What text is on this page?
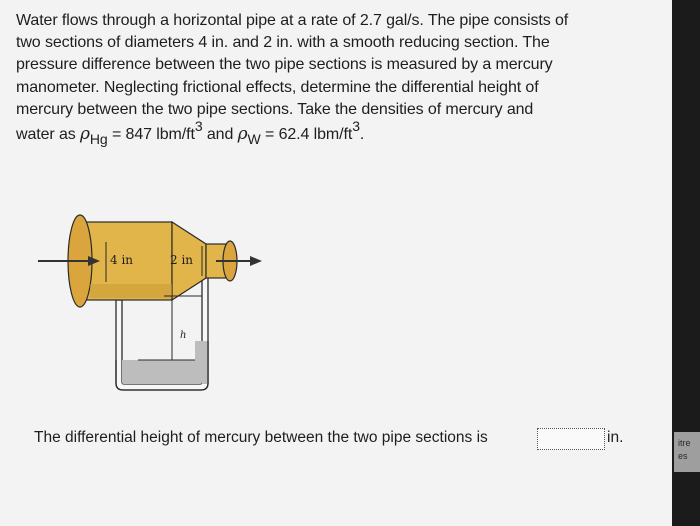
Water flows through a horizontal pipe at a rate of 2.7 gal/s. The pipe consists of
two sections of diameters 4 in. and 2 in. with a smooth reducing section. The
pressure difference between the two pipe sections is measured by a mercury
manometer. Neglecting frictional effects, determine the differential height of
mercury between the two pipe sections. Take the densities of mercury and
water as ρHg = 847 lbm/ft3 and ρW = 62.4 lbm/ft3.
4 in	2 in
h
The differential height of mercury between the two pipe sections is	in.	itre
es
